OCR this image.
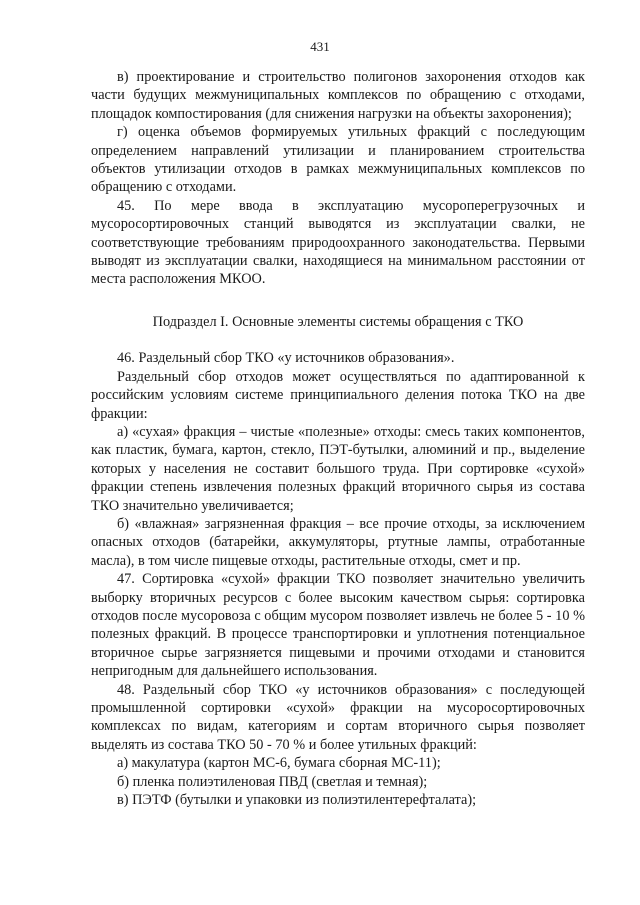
431

в) проектирование и строительство полигонов захоронения отходов как части будущих межмуниципальных комплексов по обращению с отходами, площадок компостирования (для снижения нагрузки на объекты захоронения);

г) оценка объемов формируемых утильных фракций с последующим определением направлений утилизации и планированием строительства объектов утилизации отходов в рамках межмуниципальных комплексов по обращению с отходами.

45. По мере ввода в эксплуатацию мусороперегрузочных и мусоросортировочных станций выводятся из эксплуатации свалки, не соответствующие требованиям природоохранного законодательства. Первыми выводят из эксплуатации свалки, находящиеся на минимальном расстоянии от места расположения МКОО.

Подраздел I. Основные элементы системы обращения с ТКО

46. Раздельный сбор ТКО «у источников образования».

Раздельный сбор отходов может осуществляться по адаптированной к российским условиям системе принципиального деления потока ТКО на две фракции:

а) «сухая» фракция – чистые «полезные» отходы: смесь таких компонентов, как пластик, бумага, картон, стекло, ПЭТ-бутылки, алюминий и пр., выделение которых у населения не составит большого труда. При сортировке «сухой» фракции степень извлечения полезных фракций вторичного сырья из состава ТКО значительно увеличивается;

б) «влажная» загрязненная фракция – все прочие отходы, за исключением опасных отходов (батарейки, аккумуляторы, ртутные лампы, отработанные масла), в том числе пищевые отходы, растительные отходы, смет и пр.

47. Сортировка «сухой» фракции ТКО позволяет значительно увеличить выборку вторичных ресурсов с более высоким качеством сырья: сортировка отходов после мусоровоза с общим мусором позволяет извлечь не более 5 - 10 % полезных фракций. В процессе транспортировки и уплотнения потенциальное вторичное сырье загрязняется пищевыми и прочими отходами и становится непригодным для дальнейшего использования.

48. Раздельный сбор ТКО «у источников образования» с последующей промышленной сортировки «сухой» фракции на мусоросортировочных комплексах по видам, категориям и сортам вторичного сырья позволяет выделять из состава ТКО 50 - 70 % и более утильных фракций:

а) макулатура (картон МС-6, бумага сборная МС-11);

б) пленка полиэтиленовая ПВД (светлая и темная);

в) ПЭТФ (бутылки и упаковки из полиэтилентерефталата);
